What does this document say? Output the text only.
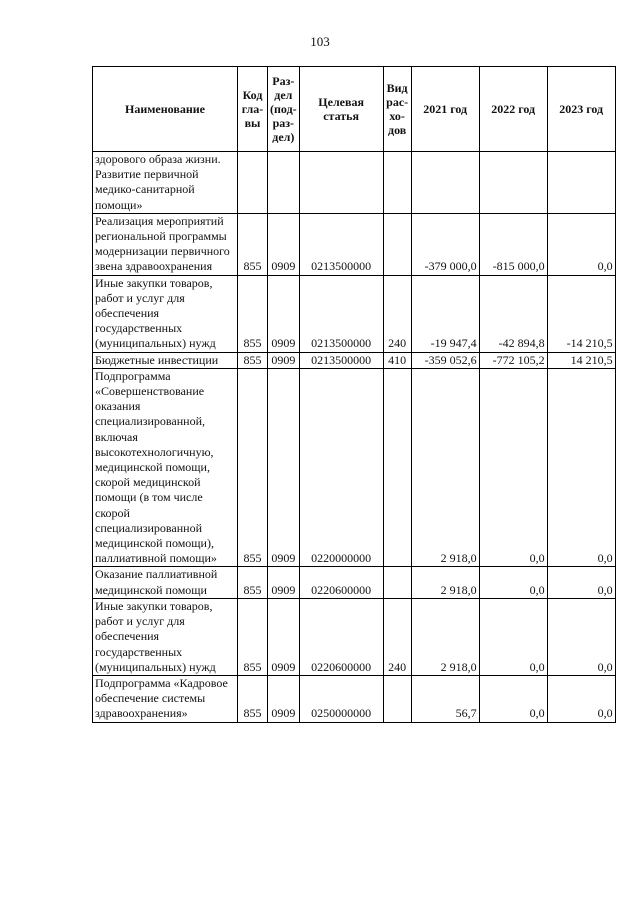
103
Наименование	Код гла-вы	Раз-дел (под-раз-дел)	Целевая статья	Вид рас-хо-дов	2021 год	2022 год	2023 год
здорового образа жизни. Развитие первичной медико-санитарной помощи»							
Реализация мероприятий региональной программы модернизации первичного звена здравоохранения	855	0909	0213500000		-379 000,0	-815 000,0	0,0
Иные закупки товаров, работ и услуг для обеспечения государственных (муниципальных) нужд	855	0909	0213500000	240	-19 947,4	-42 894,8	-14 210,5
Бюджетные инвестиции	855	0909	0213500000	410	-359 052,6	-772 105,2	14 210,5
Подпрограмма «Совершенствование оказания специализированной, включая высокотехнологичную, медицинской помощи, скорой медицинской помощи (в том числе скорой специализированной медицинской помощи), паллиативной помощи»	855	0909	0220000000		2 918,0	0,0	0,0
Оказание паллиативной медицинской помощи	855	0909	0220600000		2 918,0	0,0	0,0
Иные закупки товаров, работ и услуг для обеспечения государственных (муниципальных) нужд	855	0909	0220600000	240	2 918,0	0,0	0,0
Подпрограмма «Кадровое обеспечение системы здравоохранения»	855	0909	0250000000		56,7	0,0	0,0
